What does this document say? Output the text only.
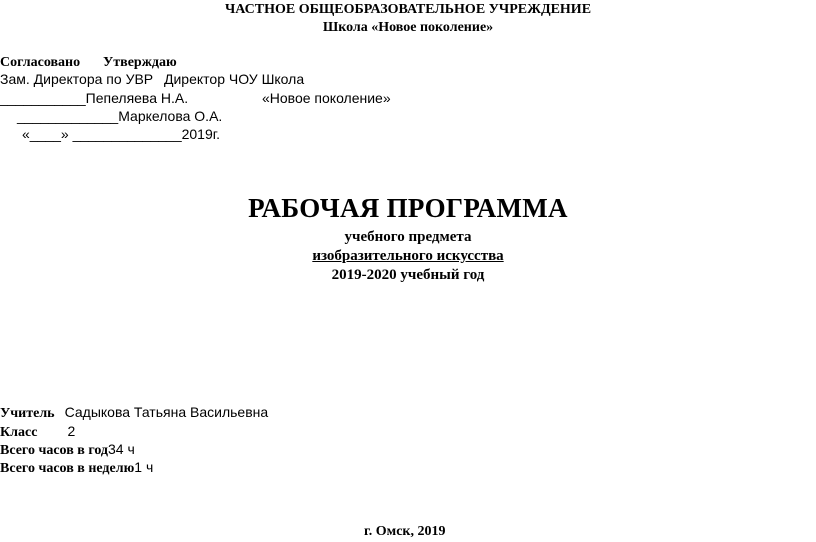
ЧАСТНОЕ ОБЩЕОБРАЗОВАТЕЛЬНОЕ УЧРЕЖДЕНИЕ
Школа «Новое поколение»
Согласовано Утверждаю
Зам. Директора по УВР Директор ЧОУ Школа
___________Пепеляева Н.А.	«Новое поколение»
_____________Маркелова О.А.
«____» ______________2019г.
РАБОЧАЯ ПРОГРАММА
учебного предмета
изобразительного искусства
2019-2020 учебный год
Учитель Садыкова Татьяна Васильевна
Класс 2
Всего часов в год34 ч
Всего часов в неделю1 ч
г. Омск, 2019
